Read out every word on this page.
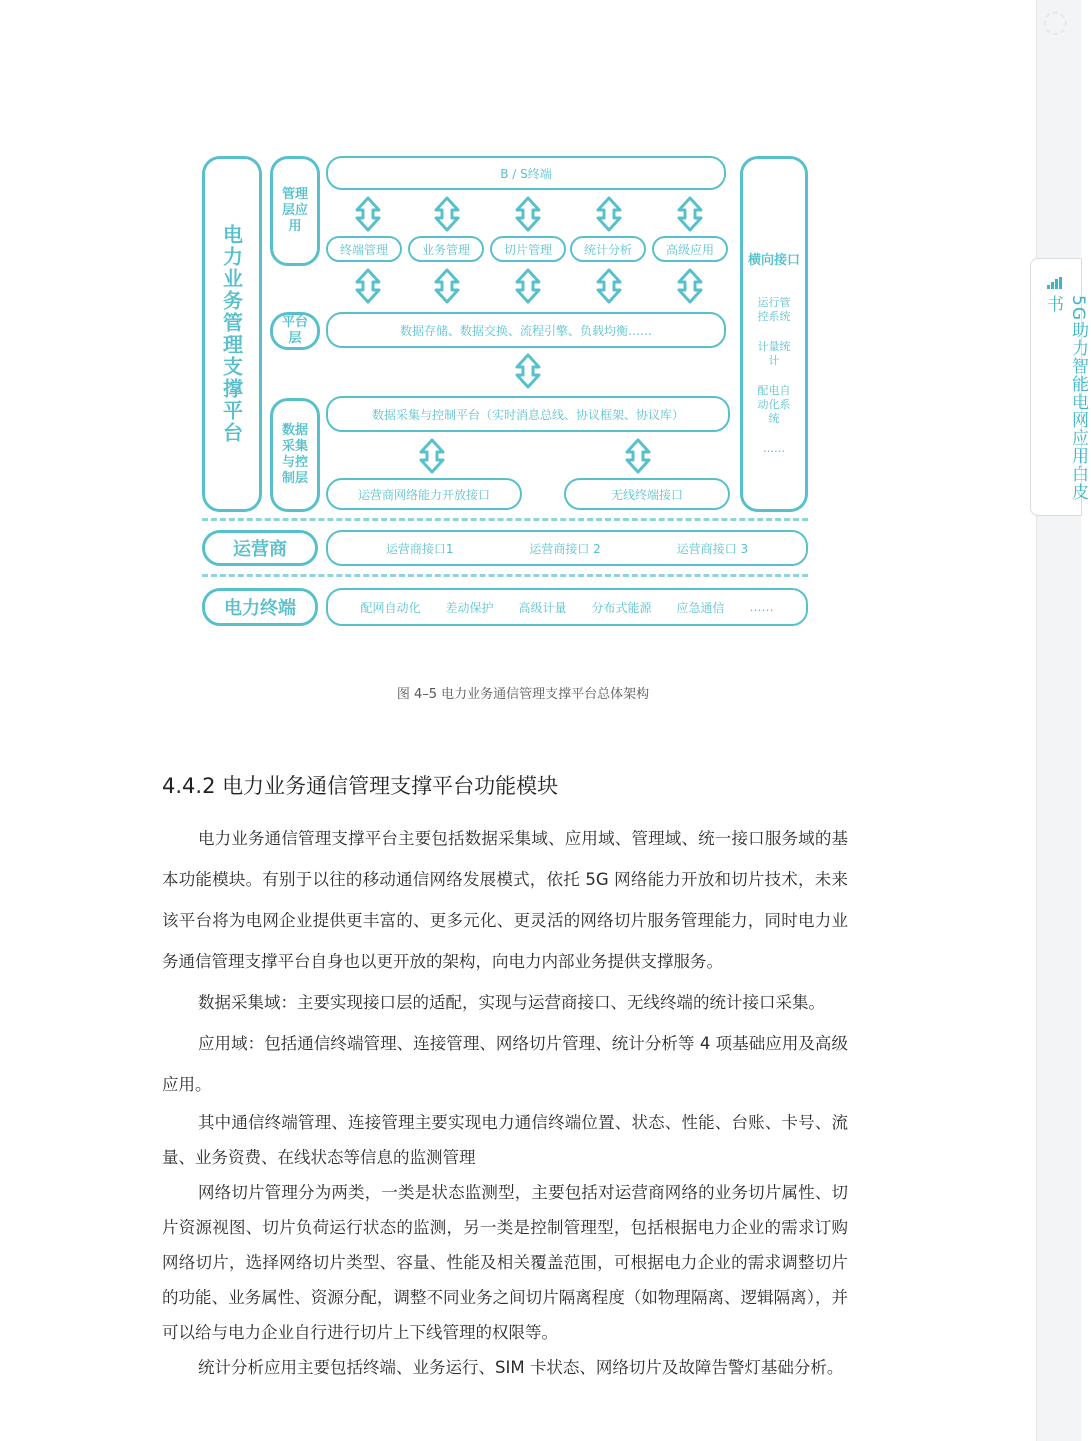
◌
5G助力智能电网应用白皮书
电力业务管理支撑平台
管理层应用
B / S终端
终端管理	业务管理	切片管理	统计分析	高级应用
平台层
数据存储、数据交换、流程引擎、负载均衡……
数据采集与控制层
数据采集与控制平台（实时消息总线、协议框架、协议库）
运营商网络能力开放接口	无线终端接口
横向接口
运行管控系统
计量统计
配电自动化系统
……
运营商	运营商接口1	运营商接口 2	运营商接口 3
电力终端	配网自动化 差动保护 高级计量 分布式能源 应急通信 ……
图 4–5 电力业务通信管理支撑平台总体架构
4.4.2 电力业务通信管理支撑平台功能模块

电力业务通信管理支撑平台主要包括数据采集域、应用域、管理域、统一接口服务域的基本功能模块。有别于以往的移动通信网络发展模式，依托 5G 网络能力开放和切片技术，未来该平台将为电网企业提供更丰富的、更多元化、更灵活的网络切片服务管理能力，同时电力业务通信管理支撑平台自身也以更开放的架构，向电力内部业务提供支撑服务。

数据采集域：主要实现接口层的适配，实现与运营商接口、无线终端的统计接口采集。

应用域：包括通信终端管理、连接管理、网络切片管理、统计分析等 4 项基础应用及高级应用。

其中通信终端管理、连接管理主要实现电力通信终端位置、状态、性能、台账、卡号、流量、业务资费、在线状态等信息的监测管理

网络切片管理分为两类，一类是状态监测型，主要包括对运营商网络的业务切片属性、切片资源视图、切片负荷运行状态的监测，另一类是控制管理型，包括根据电力企业的需求订购网络切片，选择网络切片类型、容量、性能及相关覆盖范围，可根据电力企业的需求调整切片的功能、业务属性、资源分配，调整不同业务之间切片隔离程度（如物理隔离、逻辑隔离），并可以给与电力企业自行进行切片上下线管理的权限等。

统计分析应用主要包括终端、业务运行、SIM 卡状态、网络切片及故障告警灯基础分析。
